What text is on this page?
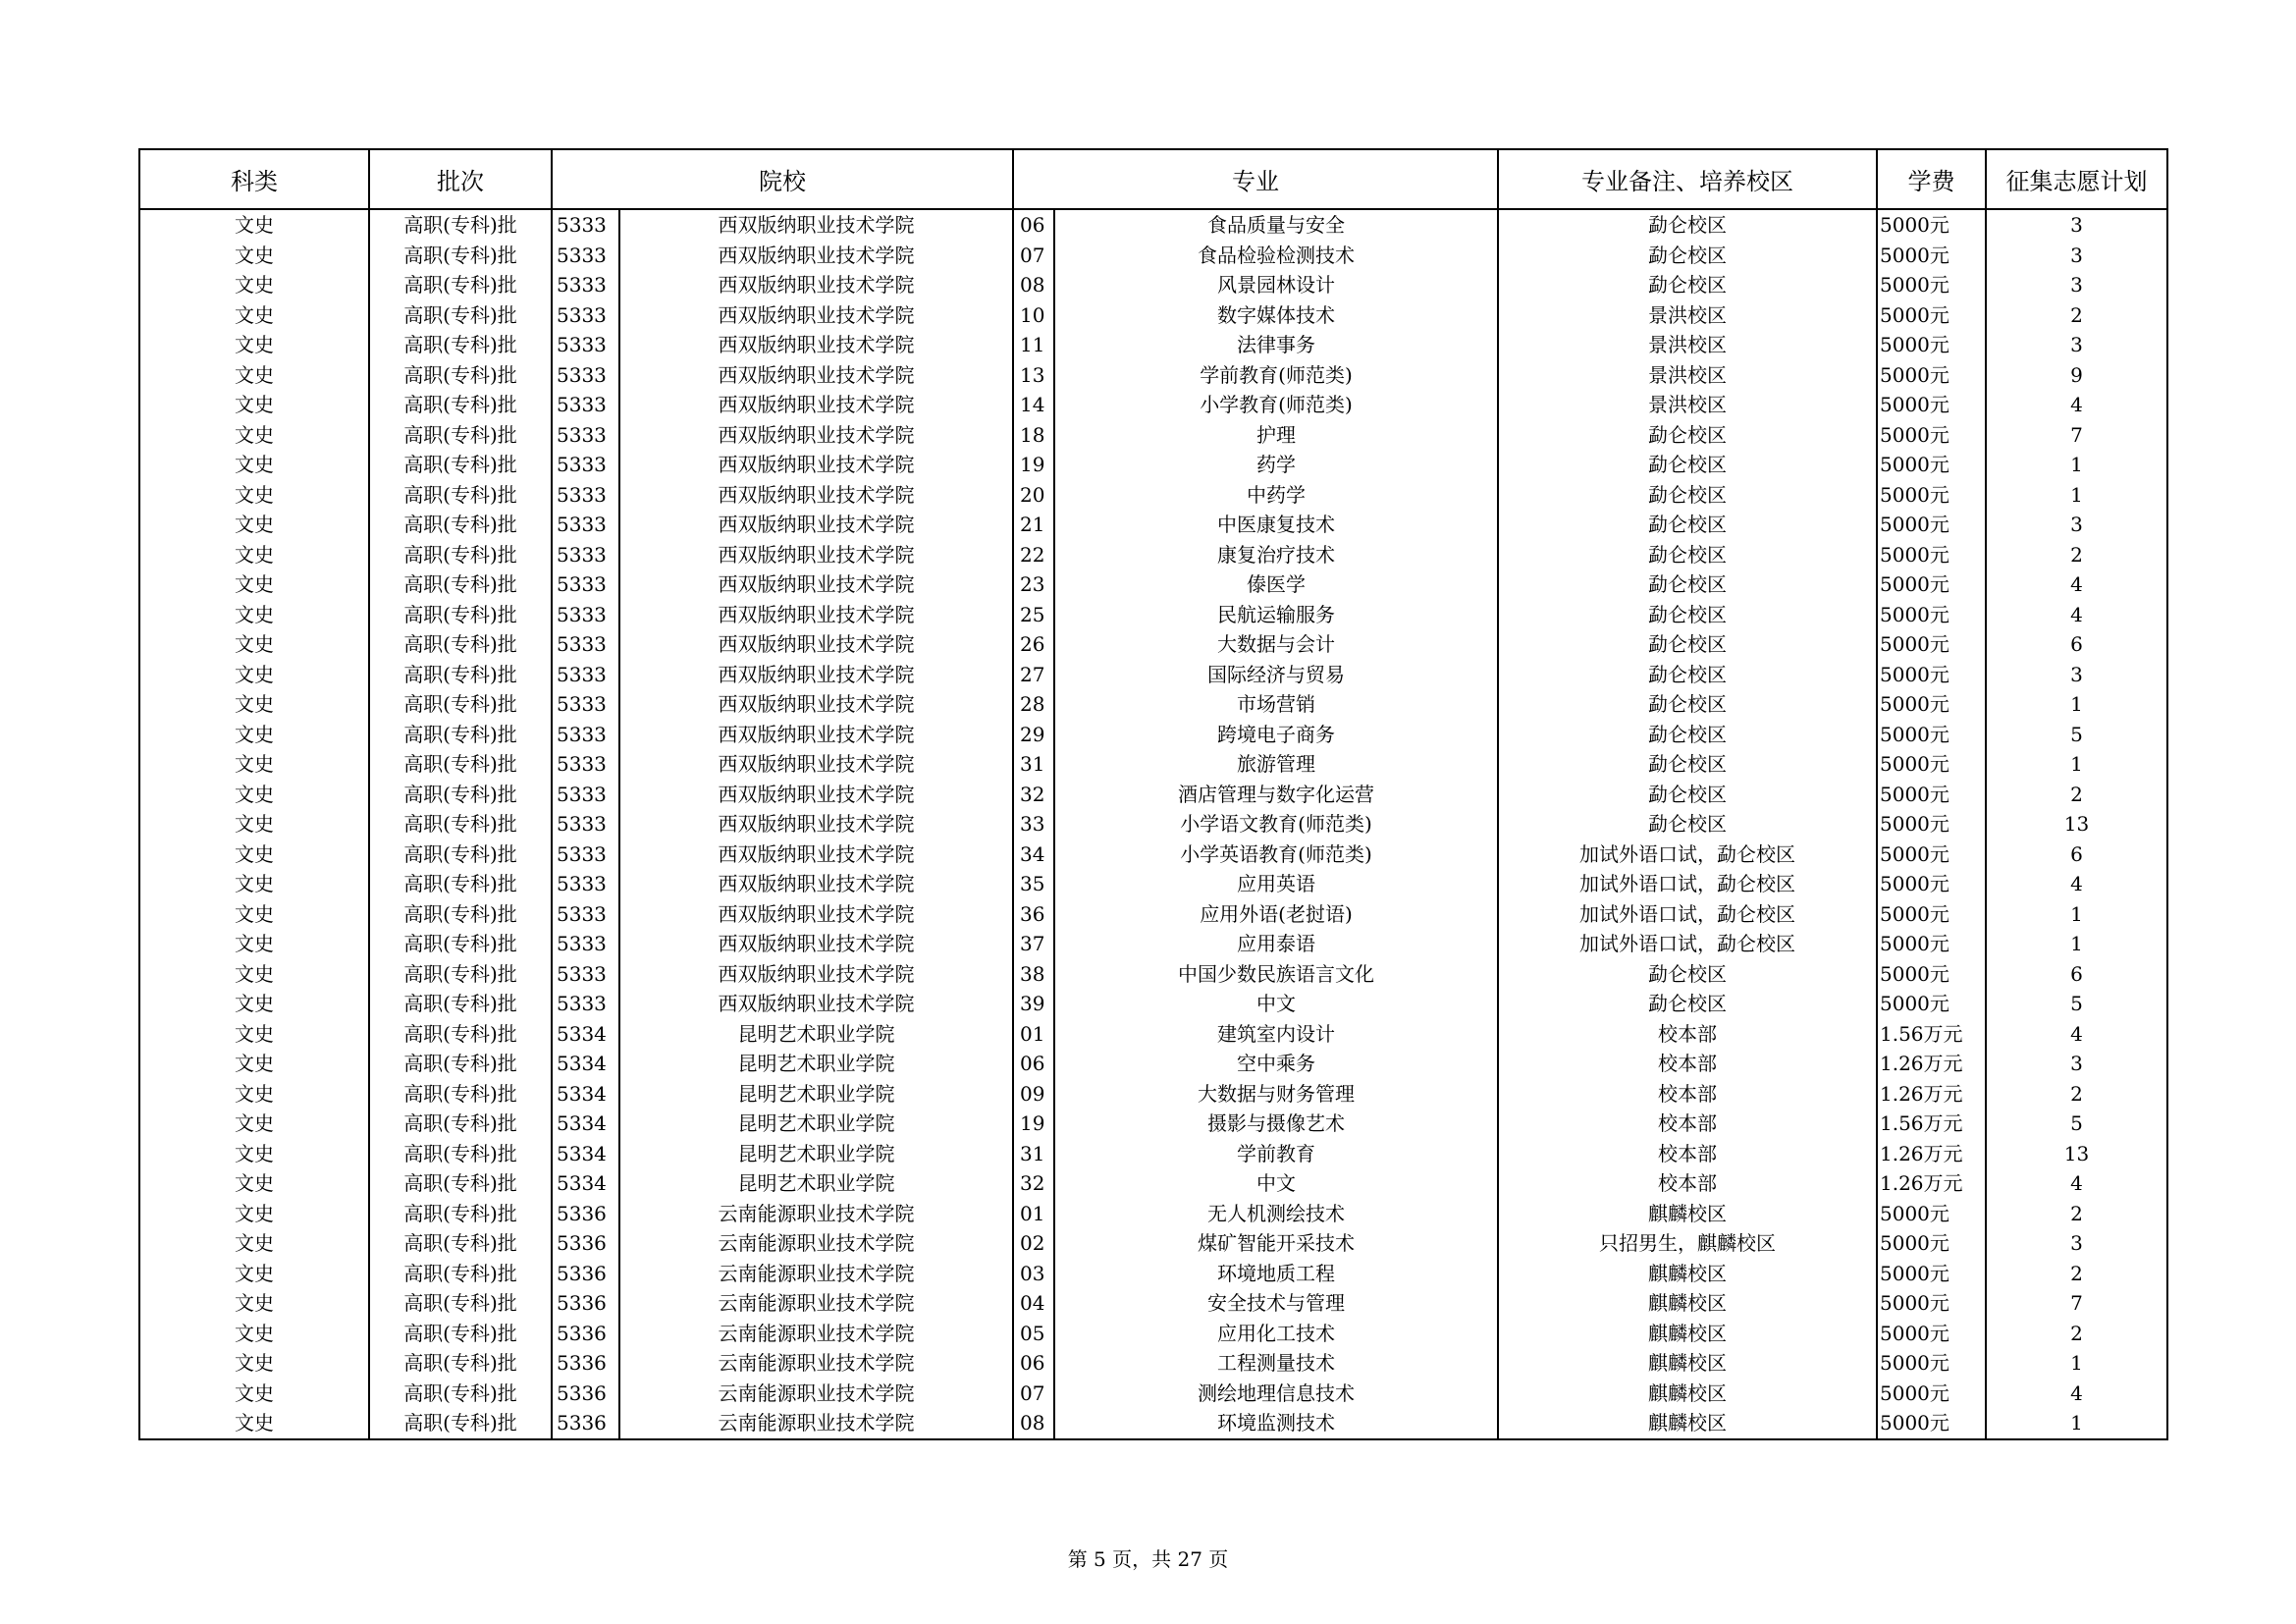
科类	批次	院校		专业		专业备注、培养校区	学费	征集志愿计划
文史	高职(专科)批	5333	西双版纳职业技术学院	06	食品质量与安全	勐仑校区	5000元	3
文史	高职(专科)批	5333	西双版纳职业技术学院	07	食品检验检测技术	勐仑校区	5000元	3
文史	高职(专科)批	5333	西双版纳职业技术学院	08	风景园林设计	勐仑校区	5000元	3
文史	高职(专科)批	5333	西双版纳职业技术学院	10	数字媒体技术	景洪校区	5000元	2
文史	高职(专科)批	5333	西双版纳职业技术学院	11	法律事务	景洪校区	5000元	3
文史	高职(专科)批	5333	西双版纳职业技术学院	13	学前教育(师范类)	景洪校区	5000元	9
文史	高职(专科)批	5333	西双版纳职业技术学院	14	小学教育(师范类)	景洪校区	5000元	4
文史	高职(专科)批	5333	西双版纳职业技术学院	18	护理	勐仑校区	5000元	7
文史	高职(专科)批	5333	西双版纳职业技术学院	19	药学	勐仑校区	5000元	1
文史	高职(专科)批	5333	西双版纳职业技术学院	20	中药学	勐仑校区	5000元	1
文史	高职(专科)批	5333	西双版纳职业技术学院	21	中医康复技术	勐仑校区	5000元	3
文史	高职(专科)批	5333	西双版纳职业技术学院	22	康复治疗技术	勐仑校区	5000元	2
文史	高职(专科)批	5333	西双版纳职业技术学院	23	傣医学	勐仑校区	5000元	4
文史	高职(专科)批	5333	西双版纳职业技术学院	25	民航运输服务	勐仑校区	5000元	4
文史	高职(专科)批	5333	西双版纳职业技术学院	26	大数据与会计	勐仑校区	5000元	6
文史	高职(专科)批	5333	西双版纳职业技术学院	27	国际经济与贸易	勐仑校区	5000元	3
文史	高职(专科)批	5333	西双版纳职业技术学院	28	市场营销	勐仑校区	5000元	1
文史	高职(专科)批	5333	西双版纳职业技术学院	29	跨境电子商务	勐仑校区	5000元	5
文史	高职(专科)批	5333	西双版纳职业技术学院	31	旅游管理	勐仑校区	5000元	1
文史	高职(专科)批	5333	西双版纳职业技术学院	32	酒店管理与数字化运营	勐仑校区	5000元	2
文史	高职(专科)批	5333	西双版纳职业技术学院	33	小学语文教育(师范类)	勐仑校区	5000元	13
文史	高职(专科)批	5333	西双版纳职业技术学院	34	小学英语教育(师范类)	加试外语口试，勐仑校区	5000元	6
文史	高职(专科)批	5333	西双版纳职业技术学院	35	应用英语	加试外语口试，勐仑校区	5000元	4
文史	高职(专科)批	5333	西双版纳职业技术学院	36	应用外语(老挝语)	加试外语口试，勐仑校区	5000元	1
文史	高职(专科)批	5333	西双版纳职业技术学院	37	应用泰语	加试外语口试，勐仑校区	5000元	1
文史	高职(专科)批	5333	西双版纳职业技术学院	38	中国少数民族语言文化	勐仑校区	5000元	6
文史	高职(专科)批	5333	西双版纳职业技术学院	39	中文	勐仑校区	5000元	5
文史	高职(专科)批	5334	昆明艺术职业学院	01	建筑室内设计	校本部	1.56万元	4
文史	高职(专科)批	5334	昆明艺术职业学院	06	空中乘务	校本部	1.26万元	3
文史	高职(专科)批	5334	昆明艺术职业学院	09	大数据与财务管理	校本部	1.26万元	2
文史	高职(专科)批	5334	昆明艺术职业学院	19	摄影与摄像艺术	校本部	1.56万元	5
文史	高职(专科)批	5334	昆明艺术职业学院	31	学前教育	校本部	1.26万元	13
文史	高职(专科)批	5334	昆明艺术职业学院	32	中文	校本部	1.26万元	4
文史	高职(专科)批	5336	云南能源职业技术学院	01	无人机测绘技术	麒麟校区	5000元	2
文史	高职(专科)批	5336	云南能源职业技术学院	02	煤矿智能开采技术	只招男生，麒麟校区	5000元	3
文史	高职(专科)批	5336	云南能源职业技术学院	03	环境地质工程	麒麟校区	5000元	2
文史	高职(专科)批	5336	云南能源职业技术学院	04	安全技术与管理	麒麟校区	5000元	7
文史	高职(专科)批	5336	云南能源职业技术学院	05	应用化工技术	麒麟校区	5000元	2
文史	高职(专科)批	5336	云南能源职业技术学院	06	工程测量技术	麒麟校区	5000元	1
文史	高职(专科)批	5336	云南能源职业技术学院	07	测绘地理信息技术	麒麟校区	5000元	4
文史	高职(专科)批	5336	云南能源职业技术学院	08	环境监测技术	麒麟校区	5000元	1
第 5 页，共 27 页
